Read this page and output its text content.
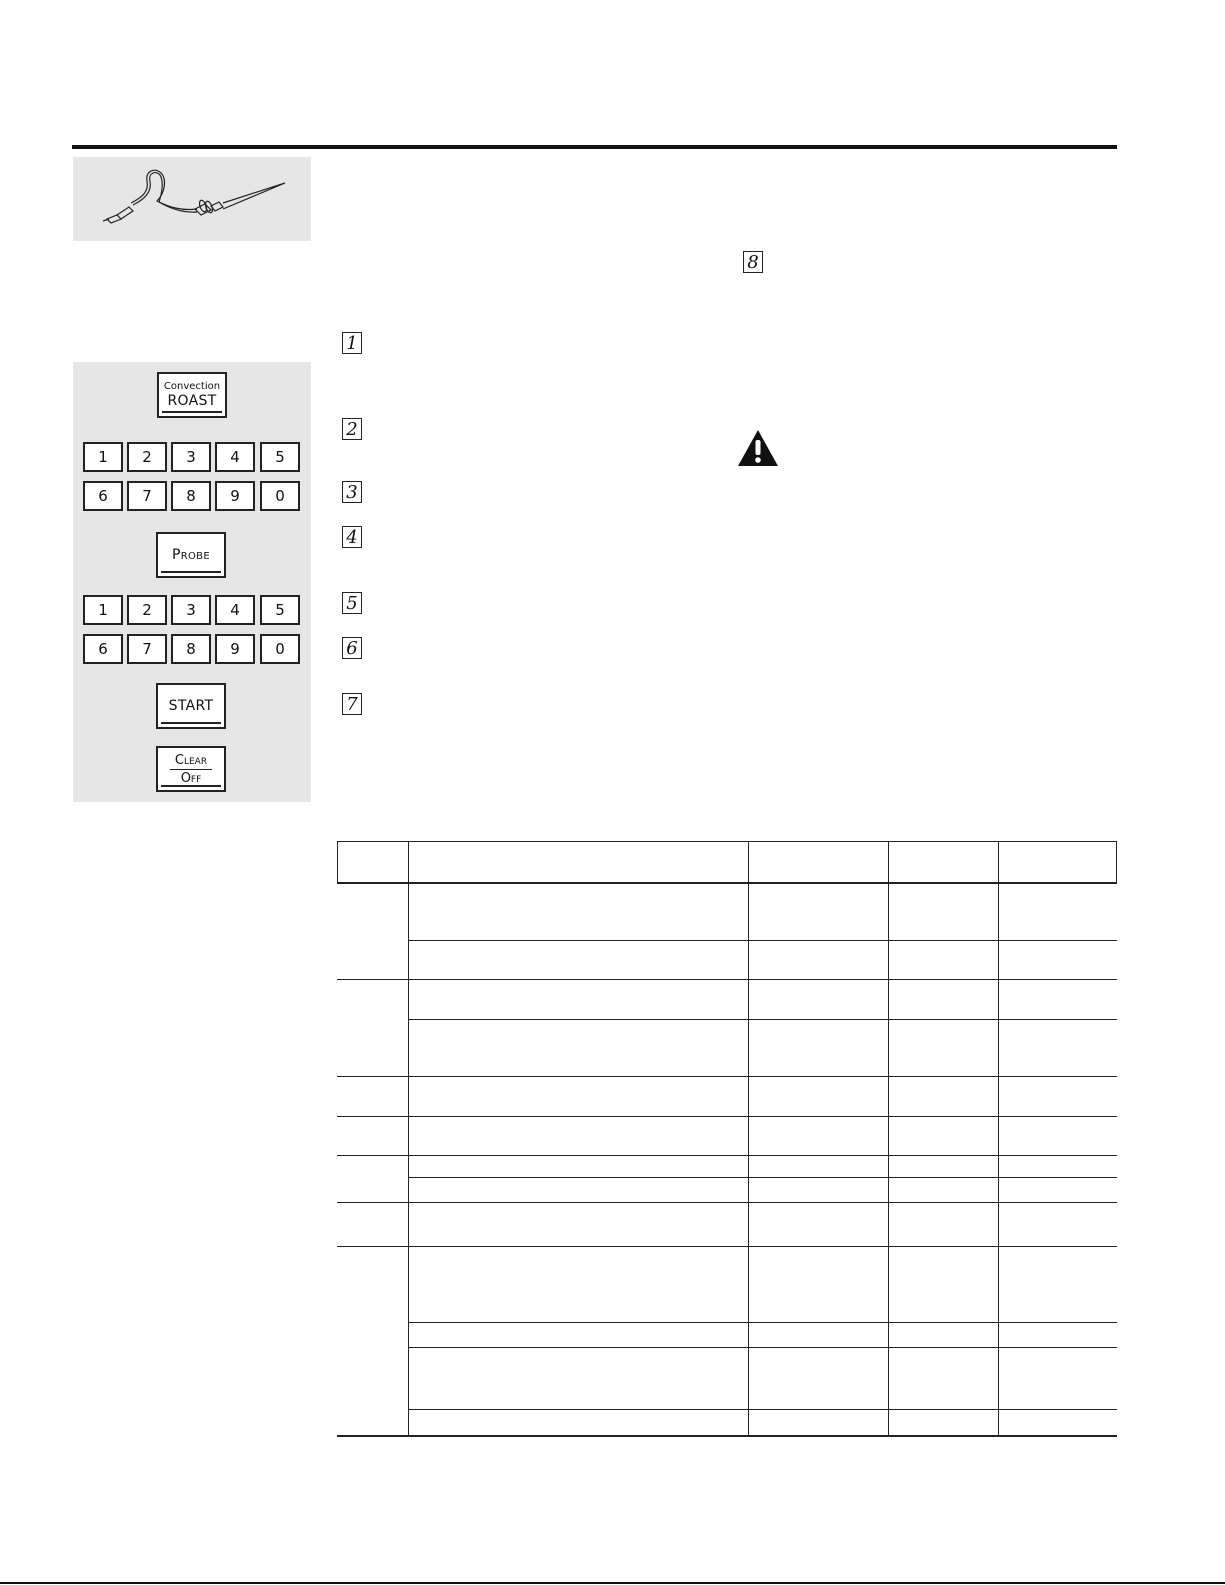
Convection
ROAST
1	2	3	4	5
6	7	8	9	0
Probe
1	2	3	4	5
6	7	8	9	0
START
Clear
Off
1
2
3
4
5
6
7
8
